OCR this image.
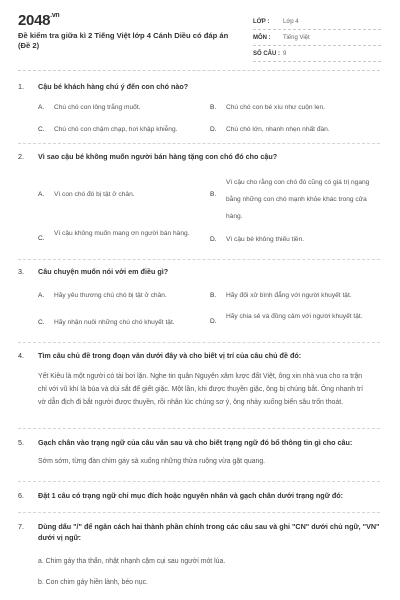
$2048^{.vn}$
Đề kiểm tra giữa kì 2 Tiếng Việt lớp 4 Cánh Diều có đáp án (Đề 2)
LỚP :	Lớp 4
MÔN :	Tiếng Việt
SỐ CÂU : 9
1. Cậu bé khách hàng chú ý đến con chó nào?
A. Chú chó con lông trắng muốt.	B. Chú chó con bé xíu như cuộn len.
C. Chú chó con chậm chạp, hơi khập khiễng.	D. Chú chó lớn, nhanh nhẹn nhất đàn.
2. Vì sao cậu bé không muốn người bán hàng tặng con chó đó cho cậu?
A. Vì con chó đó bị tật ở chân.	B.
Vì cậu cho rằng con chó đó cũng có giá trị ngang bằng những con chó mạnh khỏe khác trong cửa hàng.
C.
Vì cậu không muốn mang ơn người bán hàng.
D. Vì cậu bé không thiếu tiền.
3. Câu chuyện muốn nói với em điều gì?
A. Hãy yêu thương chú chó bị tật ở chân.	B. Hãy đối xử bình đẳng với người khuyết tật.
C. Hãy nhận nuôi những chú chó khuyết tật.	D.
Hãy chia sẻ và đồng cảm với người khuyết tật.
4. Tìm câu chủ đề trong đoạn văn dưới đây và cho biết vị trí của câu chủ đề đó:
Yết Kiêu là một người có tài bơi lặn. Nghe tin quân Nguyên xâm lược đất Việt, ông xin nhà vua cho ra trận chỉ với vũ khí là búa và dùi sắt để giết giặc. Một lần, khi được thuyền giặc, ông bị chúng bắt. Ông nhanh trí vờ dẫn địch đi bắt người được thuyền, rồi nhân lúc chúng sơ ý, ông nhảy xuống biển sâu trốn thoát.
5. Gạch chân vào trạng ngữ của câu văn sau và cho biết trạng ngữ đó bổ thông tin gì cho câu:
Sớm sớm, từng đàn chim gáy sà xuống những thửa ruộng vừa gặt quang.
6. Đặt 1 câu có trạng ngữ chỉ mục đích hoặc nguyên nhân và gạch chân dưới trạng ngữ đó:
7. Dùng dấu "/" để ngăn cách hai thành phần chính trong các câu sau và ghi "CN" dưới chủ ngữ, "VN" dưới vị ngữ:
a. Chim gáy tha thẩn, nhặt nhạnh cặm cụi sau người mót lúa.
b. Con chim gáy hiền lành, béo nục.
